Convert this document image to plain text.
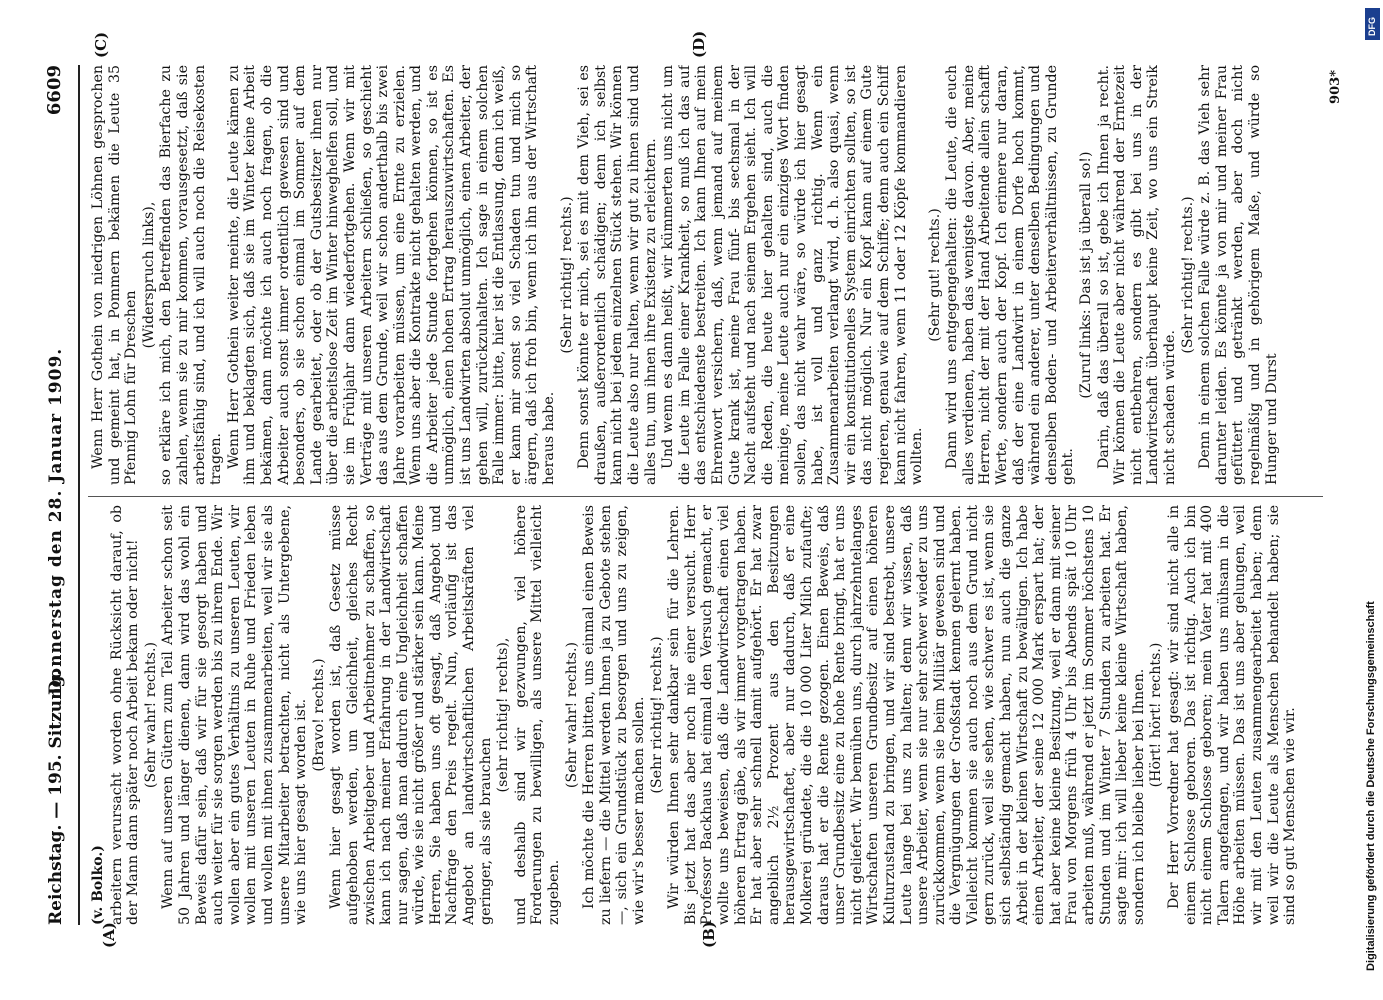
Reichstag. — 195. Sitzung.
Donnerstag den 28. Januar 1909.
6609
(A)	(B)
(C)	(D)
(v. Bolko.) arbeitern verursacht worden ohne Rücksicht darauf, ob der Mann dann später noch Arbeit bekam oder nicht! (Sehr wahr! rechts.) Wenn auf unseren Gütern zum Teil Arbeiter schon seit 50 Jahren und länger dienen, dann wird das wohl ein Beweis dafür sein, daß wir für sie gesorgt haben und auch weiter für sie sorgen werden bis zu ihrem Ende. Wir wollen aber ein gutes Verhältnis zu unseren Leuten, wir wollen mit unseren Leuten in Ruhe und Frieden leben und wollen mit ihnen zusammenarbeiten, weil wir sie als unsere Mitarbeiter betrachten, nicht als Untergebene, wie uns hier gesagt worden ist. (Bravo! rechts.) Wenn hier gesagt worden ist, daß Gesetz müsse aufgehoben werden, um Gleichheit, gleiches Recht zwischen Arbeitgeber und Arbeitnehmer zu schaffen, so kann ich nach meiner Erfahrung in der Landwirtschaft nur sagen, daß man dadurch eine Ungleichheit schaffen würde, wie sie nicht größer und stärker sein kann. Meine Herren, Sie haben uns oft gesagt, daß Angebot und Nachfrage den Preis regelt. Nun, vorläufig ist das Angebot an landwirtschaftlichen Arbeitskräften viel geringer, als sie brauchen
(sehr richtig! rechts), und deshalb sind wir gezwungen, viel höhere Forderungen zu bewilligen, als unsere Mittel vielleicht zugeben.
(Sehr wahr! rechts.) Ich möchte die Herren bitten, uns einmal einen Beweis zu liefern — die Mittel werden Ihnen ja zu Gebote stehen —, sich ein Grundstück zu besorgen und uns zu zeigen, wie wir's besser machen sollen. (Sehr richtig! rechts.) Wir würden Ihnen sehr dankbar sein für die Lehren. Bis jetzt hat das aber noch nie einer versucht. Herr Professor Backhaus hat einmal den Versuch gemacht, er wollte uns beweisen, daß die Landwirtschaft einen viel höheren Ertrag gäbe, als wir immer vorgetragen haben. Er hat aber sehr schnell damit aufgehört. Er hat zwar angeblich 2½ Prozent aus den Besitzungen herausgewirtschaftet, aber nur dadurch, daß er eine Molkerei gründete, die die 10 000 Liter Milch zufaufte; daraus hat er die Rente gezogen. Einen Beweis, daß unser Grundbesitz eine zu hohe Rente bringt, hat er uns nicht geliefert. Wir bemühen uns, durch jahrzehntelanges Wirtschaften unseren Grundbesitz auf einen höheren Kulturzustand zu bringen, und wir sind bestrebt, unsere Leute lange bei uns zu halten; denn wir wissen, daß unsere Arbeiter, wenn sie nur sehr schwer wieder zu uns zurückkommen, wenn sie beim Militär gewesen sind und die Vergnügungen der Großstadt kennen gelernt haben. Vielleicht kommen sie auch noch aus dem Grund nicht gern zurück, weil sie sehen, wie schwer es ist, wenn sie sich selbständig gemacht haben, nun auch die ganze Arbeit in der kleinen Wirtschaft zu bewältigen. Ich habe einen Arbeiter, der seine 12 000 Mark erspart hat; der hat aber keine kleine Besitzung, weil er dann mit seiner Frau von Morgens früh 4 Uhr bis Abends spät 10 Uhr arbeiten muß, während er jetzt im Sommer höchstens 10 Stunden und im Winter 7 Stunden zu arbeiten hat. Er sagte mir: ich will lieber keine kleine Wirtschaft haben, sondern ich bleibe lieber bei Ihnen. (Hört! hört! rechts.) Der Herr Vorredner hat gesagt: wir sind nicht alle in einem Schlosse geboren. Das ist richtig. Auch ich bin nicht einem Schlosse geboren; mein Vater hat mit 400 Talern angefangen, und wir haben uns mühsam in die Höhe arbeiten müssen. Das ist uns aber gelungen, weil wir mit den Leuten zusammengearbeitet haben; denn weil wir die Leute als Menschen behandelt haben; sie sind so gut Menschen wie wir.
Wenn Herr Gothein von niedrigen Löhnen gesprochen und gemeint hat, in Pommern bekämen die Leute 35 Pfennig Lohn für Dreschen
(Widerspruch links), so erkläre ich mich, den Betreffenden das Bierfache zu zahlen, wenn sie zu mir kommen, vorausgesetzt, daß sie arbeitsfähig sind, und ich will auch noch die Reisekosten tragen. Wenn Herr Gothein weiter meinte, die Leute kämen zu ihm und beklagten sich, daß sie im Winter keine Arbeit bekämen, dann möchte ich auch noch fragen, ob die Arbeiter auch sonst immer ordentlich gewesen sind und besonders, ob sie schon einmal im Sommer auf dem Lande gearbeitet, oder ob der Gutsbesitzer ihnen nur über die arbeitslose Zeit im Winter hinweghelfen soll, und sie im Frühjahr dann wiederfortgehen. Wenn wir mit Verträge mit unseren Arbeitern schließen, so geschieht das aus dem Grunde, weil wir schon anderthalb bis zwei Jahre vorarbeiten müssen, um eine Ernte zu erzielen. Wenn uns aber die Kontrakte nicht gehalten werden, und die Arbeiter jede Stunde fortgehen können, so ist es unmöglich, einen hohen Ertrag herauszuwirtschaften. Es ist uns Landwirten absolut unmöglich, einen Arbeiter, der gehen will, zurückzuhalten. Ich sage in einem solchen Falle immer: bitte, hier ist die Entlassung, denn ich weiß, er kann mir sonst so viel Schaden tun und mich so ärgern, daß ich froh bin, wenn ich ihn aus der Wirtschaft heraus habe.
(Sehr richtig! rechts.) Denn sonst könnte er mich, sei es mit dem Vieh, sei es draußen, außerordentlich schädigen; denn ich selbst kann nicht bei jedem einzelnen Stück stehen. Wir können die Leute also nur halten, wenn wir gut zu ihnen sind und alles tun, um ihnen ihre Existenz zu erleichtern. Und wenn es dann heißt, wir kümmerten uns nicht um die Leute im Falle einer Krankheit, so muß ich das auf das entschiedenste bestreiten. Ich kann Ihnen auf mein Ehrenwort versichern, daß, wenn jemand auf meinem Gute krank ist, meine Frau fünf- bis sechsmal in der Nacht aufsteht und nach seinem Ergehen sieht. Ich will die Reden, die heute hier gehalten sind, auch die meinige, meine Leute auch nur ein einziges Wort finden sollen, das nicht wahr wäre, so würde ich hier gesagt habe, ist voll und ganz richtig. Wenn ein Zusammenarbeiten verlangt wird, d. h. also quasi, wenn wir ein konstitutionelles System einrichten sollten, so ist das nicht möglich. Nur ein Kopf kann auf einem Gute regieren, genau wie auf dem Schiffe; denn auch ein Schiff kann nicht fahren, wenn 11 oder 12 Köpfe kommandieren wollten.
(Sehr gut! rechts.) Dann wird uns entgegengehalten: die Leute, die euch alles verdienen, haben das wenigste davon. Aber, meine Herren, nicht der mit der Hand Arbeitende allein schafft Werte, sondern auch der Kopf. Ich erinnere nur daran, daß der eine Landwirt in einem Dorfe hoch kommt, während ein anderer, unter denselben Bedingungen und denselben Boden- und Arbeiterverhältnissen, zu Grunde geht.
(Zuruf links: Das ist ja überall so!) Darin, daß das überall so ist, gebe ich Ihnen ja recht. Wir können die Leute aber nicht während der Erntezeit nicht entbehren, sondern es gibt bei uns in der Landwirtschaft überhaupt keine Zeit, wo uns ein Streik nicht schaden würde.
(Sehr richtig! rechts.) Denn in einem solchen Falle würde z. B. das Vieh sehr darunter leiden. Es könnte ja von mir und meiner Frau gefüttert und getränkt werden, aber doch nicht regelmäßig und in gehörigem Maße, und würde so Hunger und Durst
903*
Digitalisierung gefördert durch die Deutsche Forschungsgemeinschaft
DFG
